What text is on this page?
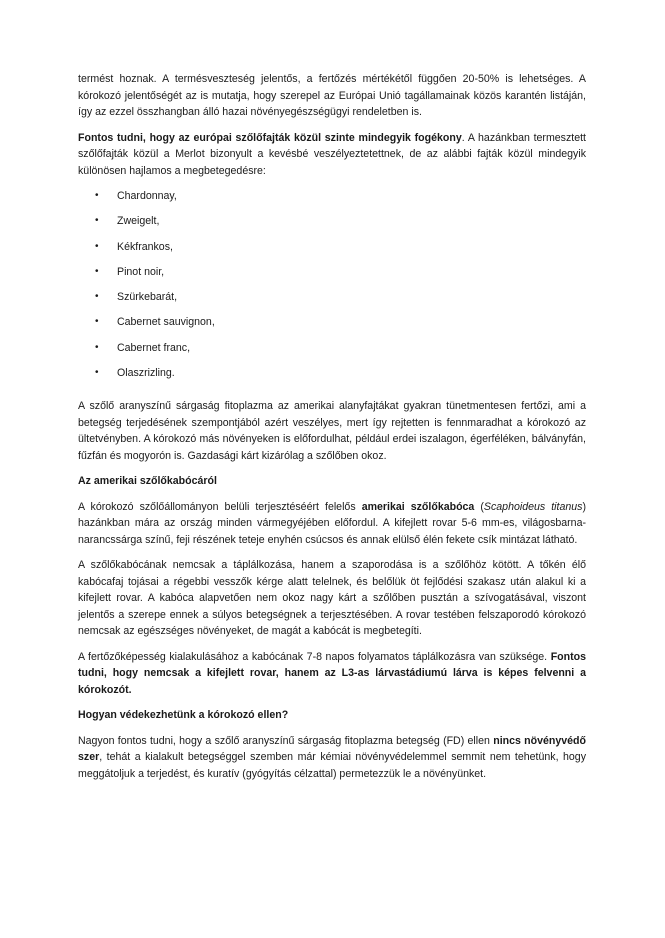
termést hoznak. A termésveszteség jelentős, a fertőzés mértékétől függően 20-50% is lehetséges. A kórokozó jelentőségét az is mutatja, hogy szerepel az Európai Unió tagállamainak közös karantén listáján, így az ezzel összhangban álló hazai növényegészségügyi rendeletben is.

Fontos tudni, hogy az európai szőlőfajták közül szinte mindegyik fogékony. A hazánkban termesztett szőlőfajták közül a Merlot bizonyult a kevésbé veszélyeztetettnek, de az alábbi fajták közül mindegyik különösen hajlamos a megbetegedésre:

• Chardonnay,
• Zweigelt,
• Kékfrankos,
• Pinot noir,
• Szürkebarát,
• Cabernet sauvignon,
• Cabernet franc,
• Olaszrizling.

A szőlő aranyszínű sárgaság fitoplazma az amerikai alanyfajtákat gyakran tünetmentesen fertőzi, ami a betegség terjedésének szempontjából azért veszélyes, mert így rejtetten is fennmaradhat a kórokozó az ültetvényben. A kórokozó más növényeken is előfordulhat, például erdei iszalagon, égerféléken, bálványfán, fűzfán és mogyorón is. Gazdasági kárt kizárólag a szőlőben okoz.

Az amerikai szőlőkabócáról

A kórokozó szőlőállományon belüli terjesztéséért felelős amerikai szőlőkabóca (Scaphoideus titanus) hazánkban mára az ország minden vármegyéjében előfordul. A kifejlett rovar 5-6 mm-es, világosbarna-narancssárga színű, feji részének teteje enyhén csúcsos és annak elülső élén fekete csík mintázat látható.

A szőlőkabócának nemcsak a táplálkozása, hanem a szaporodása is a szőlőhöz kötött. A tőkén élő kabócafaj tojásai a régebbi vesszők kérge alatt telelnek, és belőlük öt fejlődési szakasz után alakul ki a kifejlett rovar. A kabóca alapvetően nem okoz nagy kárt a szőlőben pusztán a szívogatásával, viszont jelentős a szerepe ennek a súlyos betegségnek a terjesztésében. A rovar testében felszaporodó kórokozó nemcsak az egészséges növényeket, de magát a kabócát is megbetegíti.

A fertőzőképesség kialakulásához a kabócának 7-8 napos folyamatos táplálkozásra van szüksége. Fontos tudni, hogy nemcsak a kifejlett rovar, hanem az L3-as lárvastádiumú lárva is képes felvenni a kórokozót.

Hogyan védekezhetünk a kórokozó ellen?

Nagyon fontos tudni, hogy a szőlő aranyszínű sárgaság fitoplazma betegség (FD) ellen nincs növényvédő szer, tehát a kialakult betegséggel szemben már kémiai növényvédelemmel semmit nem tehetünk, hogy meggátoljuk a terjedést, és kuratív (gyógyítás célzattal) permetezzük le a növényünket.
